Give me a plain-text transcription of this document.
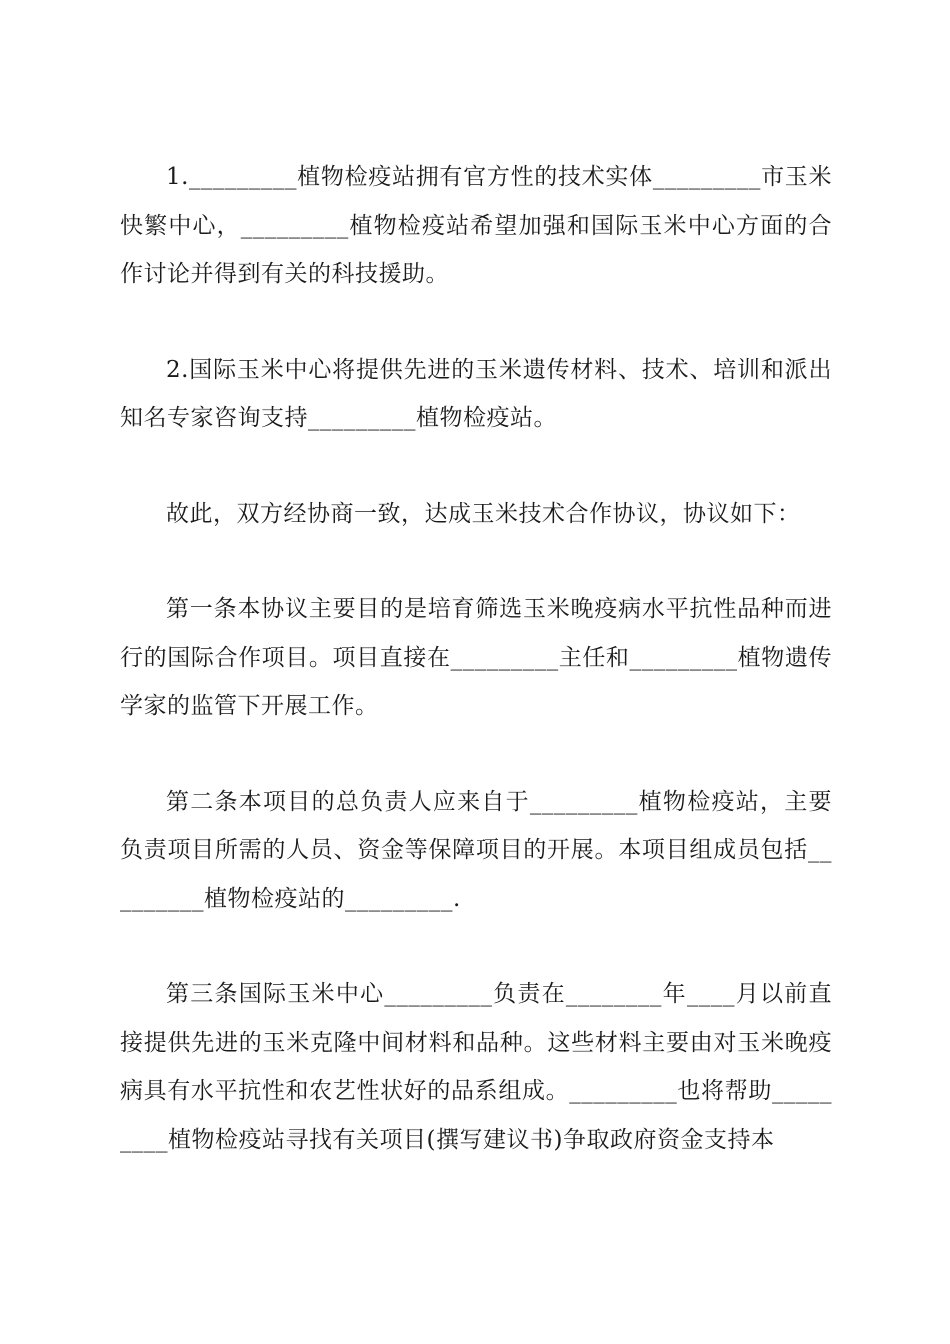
1._________植物检疫站拥有官方性的技术实体_________市玉米快繁中心，_________植物检疫站希望加强和国际玉米中心方面的合作讨论并得到有关的科技援助。

2.国际玉米中心将提供先进的玉米遗传材料、技术、培训和派出知名专家咨询支持_________植物检疫站。

故此，双方经协商一致，达成玉米技术合作协议，协议如下：

第一条本协议主要目的是培育筛选玉米晚疫病水平抗性品种而进行的国际合作项目。项目直接在_________主任和_________植物遗传学家的监管下开展工作。

第二条本项目的总负责人应来自于_________植物检疫站，主要负责项目所需的人员、资金等保障项目的开展。本项目组成员包括_________植物检疫站的_________.

第三条国际玉米中心_________负责在________年____月以前直接提供先进的玉米克隆中间材料和品种。这些材料主要由对玉米晚疫病具有水平抗性和农艺性状好的品系组成。_________也将帮助_________植物检疫站寻找有关项目(撰写建议书)争取政府资金支持本
